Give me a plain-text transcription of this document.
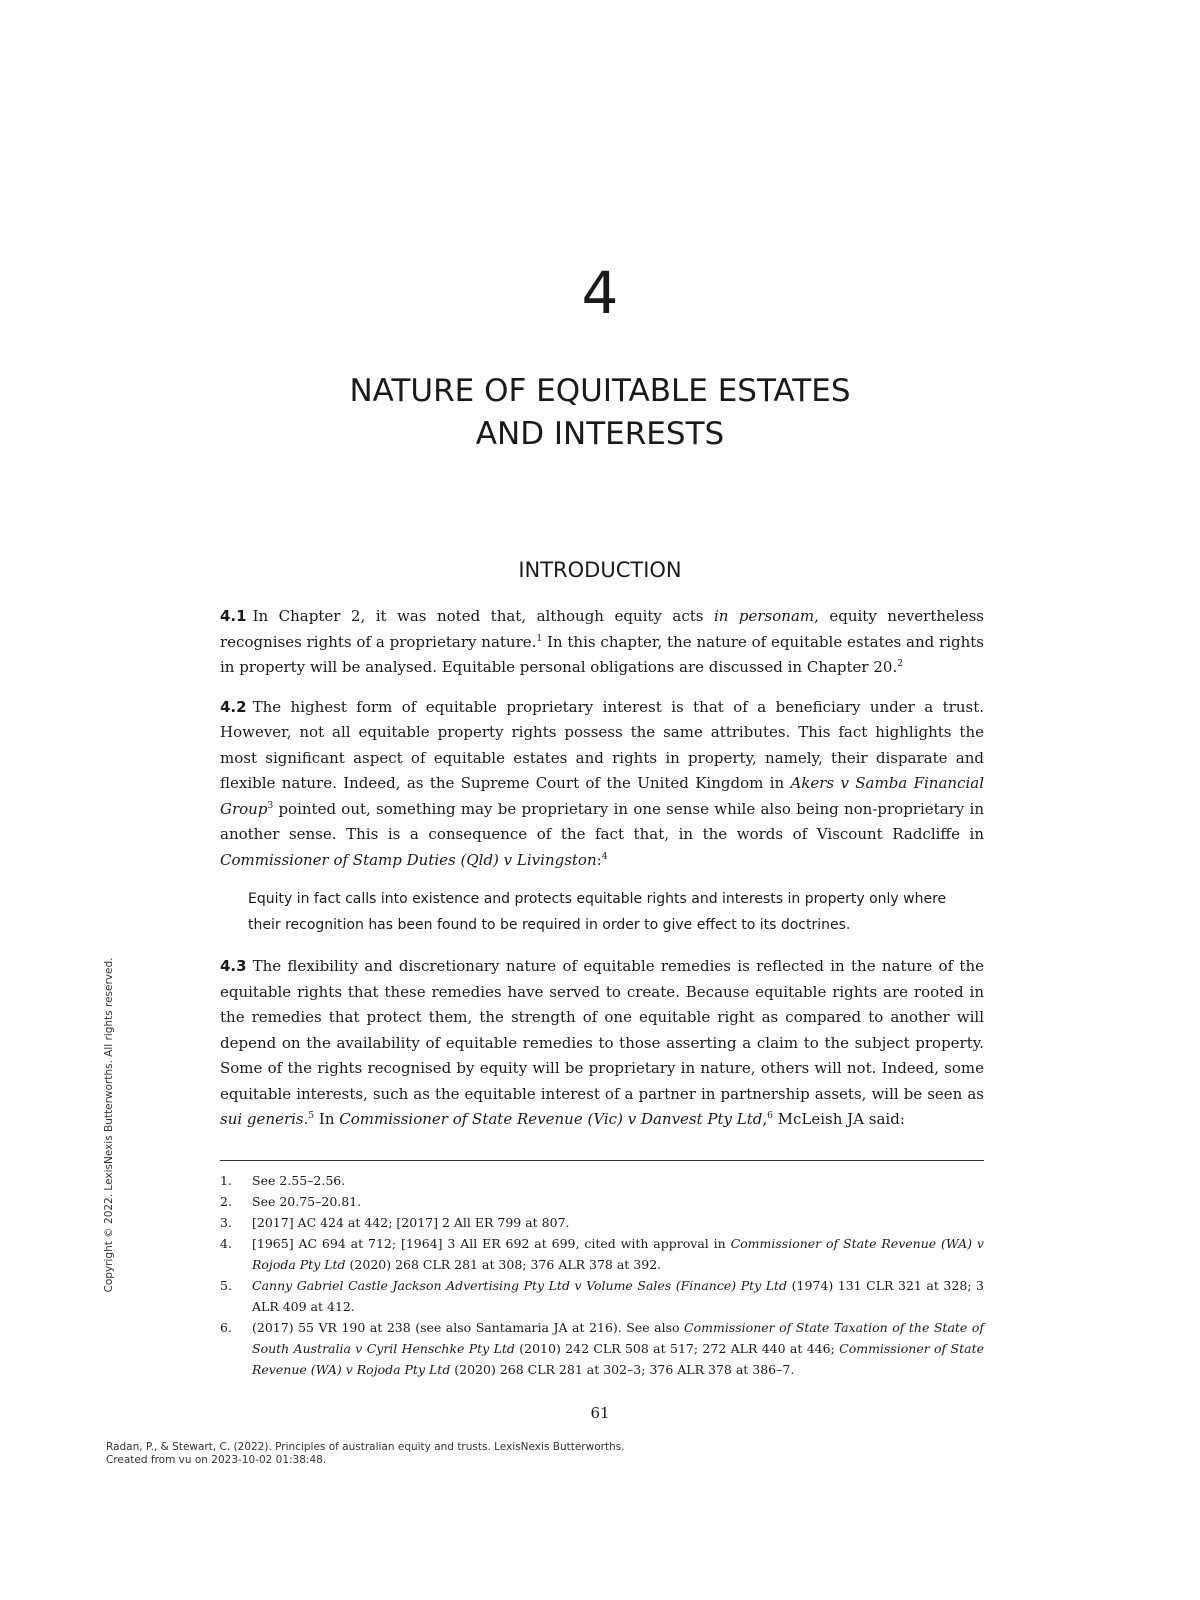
4
NATURE OF EQUITABLE ESTATES
AND INTERESTS
INTRODUCTION

4.1 In Chapter 2, it was noted that, although equity acts in personam, equity nevertheless recognises rights of a proprietary nature.$^1$ In this chapter, the nature of equitable estates and rights in property will be analysed. Equitable personal obligations are discussed in Chapter 20.$^2$

4.2 The highest form of equitable proprietary interest is that of a beneficiary under a trust. However, not all equitable property rights possess the same attributes. This fact highlights the most significant aspect of equitable estates and rights in property, namely, their disparate and flexible nature. Indeed, as the Supreme Court of the United Kingdom in Akers v Samba Financial Group$^3$ pointed out, something may be proprietary in one sense while also being non-proprietary in another sense. This is a consequence of the fact that, in the words of Viscount Radcliffe in Commissioner of Stamp Duties (Qld) v Livingston:$^4$

Equity in fact calls into existence and protects equitable rights and interests in property only where their recognition has been found to be required in order to give effect to its doctrines.

4.3 The flexibility and discretionary nature of equitable remedies is reflected in the nature of the equitable rights that these remedies have served to create. Because equitable rights are rooted in the remedies that protect them, the strength of one equitable right as compared to another will depend on the availability of equitable remedies to those asserting a claim to the subject property. Some of the rights recognised by equity will be proprietary in nature, others will not. Indeed, some equitable interests, such as the equitable interest of a partner in partnership assets, will be seen as sui generis.$^5$ In Commissioner of State Revenue (Vic) v Danvest Pty Ltd,$^6$ McLeish JA said:

1.	See 2.55–2.56.
2.	See 20.75–20.81.
3.	[2017] AC 424 at 442; [2017] 2 All ER 799 at 807.
4.	[1965] AC 694 at 712; [1964] 3 All ER 692 at 699, cited with approval in Commissioner of State Revenue (WA) v Rojoda Pty Ltd (2020) 268 CLR 281 at 308; 376 ALR 378 at 392.
5.	Canny Gabriel Castle Jackson Advertising Pty Ltd v Volume Sales (Finance) Pty Ltd (1974) 131 CLR 321 at 328; 3 ALR 409 at 412.
6.	(2017) 55 VR 190 at 238 (see also Santamaria JA at 216). See also Commissioner of State Taxation of the State of South Australia v Cyril Henschke Pty Ltd (2010) 242 CLR 508 at 517; 272 ALR 440 at 446; Commissioner of State Revenue (WA) v Rojoda Pty Ltd (2020) 268 CLR 281 at 302–3; 376 ALR 378 at 386–7.
61
Radan, P., & Stewart, C. (2022). Principles of australian equity and trusts. LexisNexis Butterworths.
Created from vu on 2023-10-02 01:38:48.
Copyright © 2022. LexisNexis Butterworths. All rights reserved.
